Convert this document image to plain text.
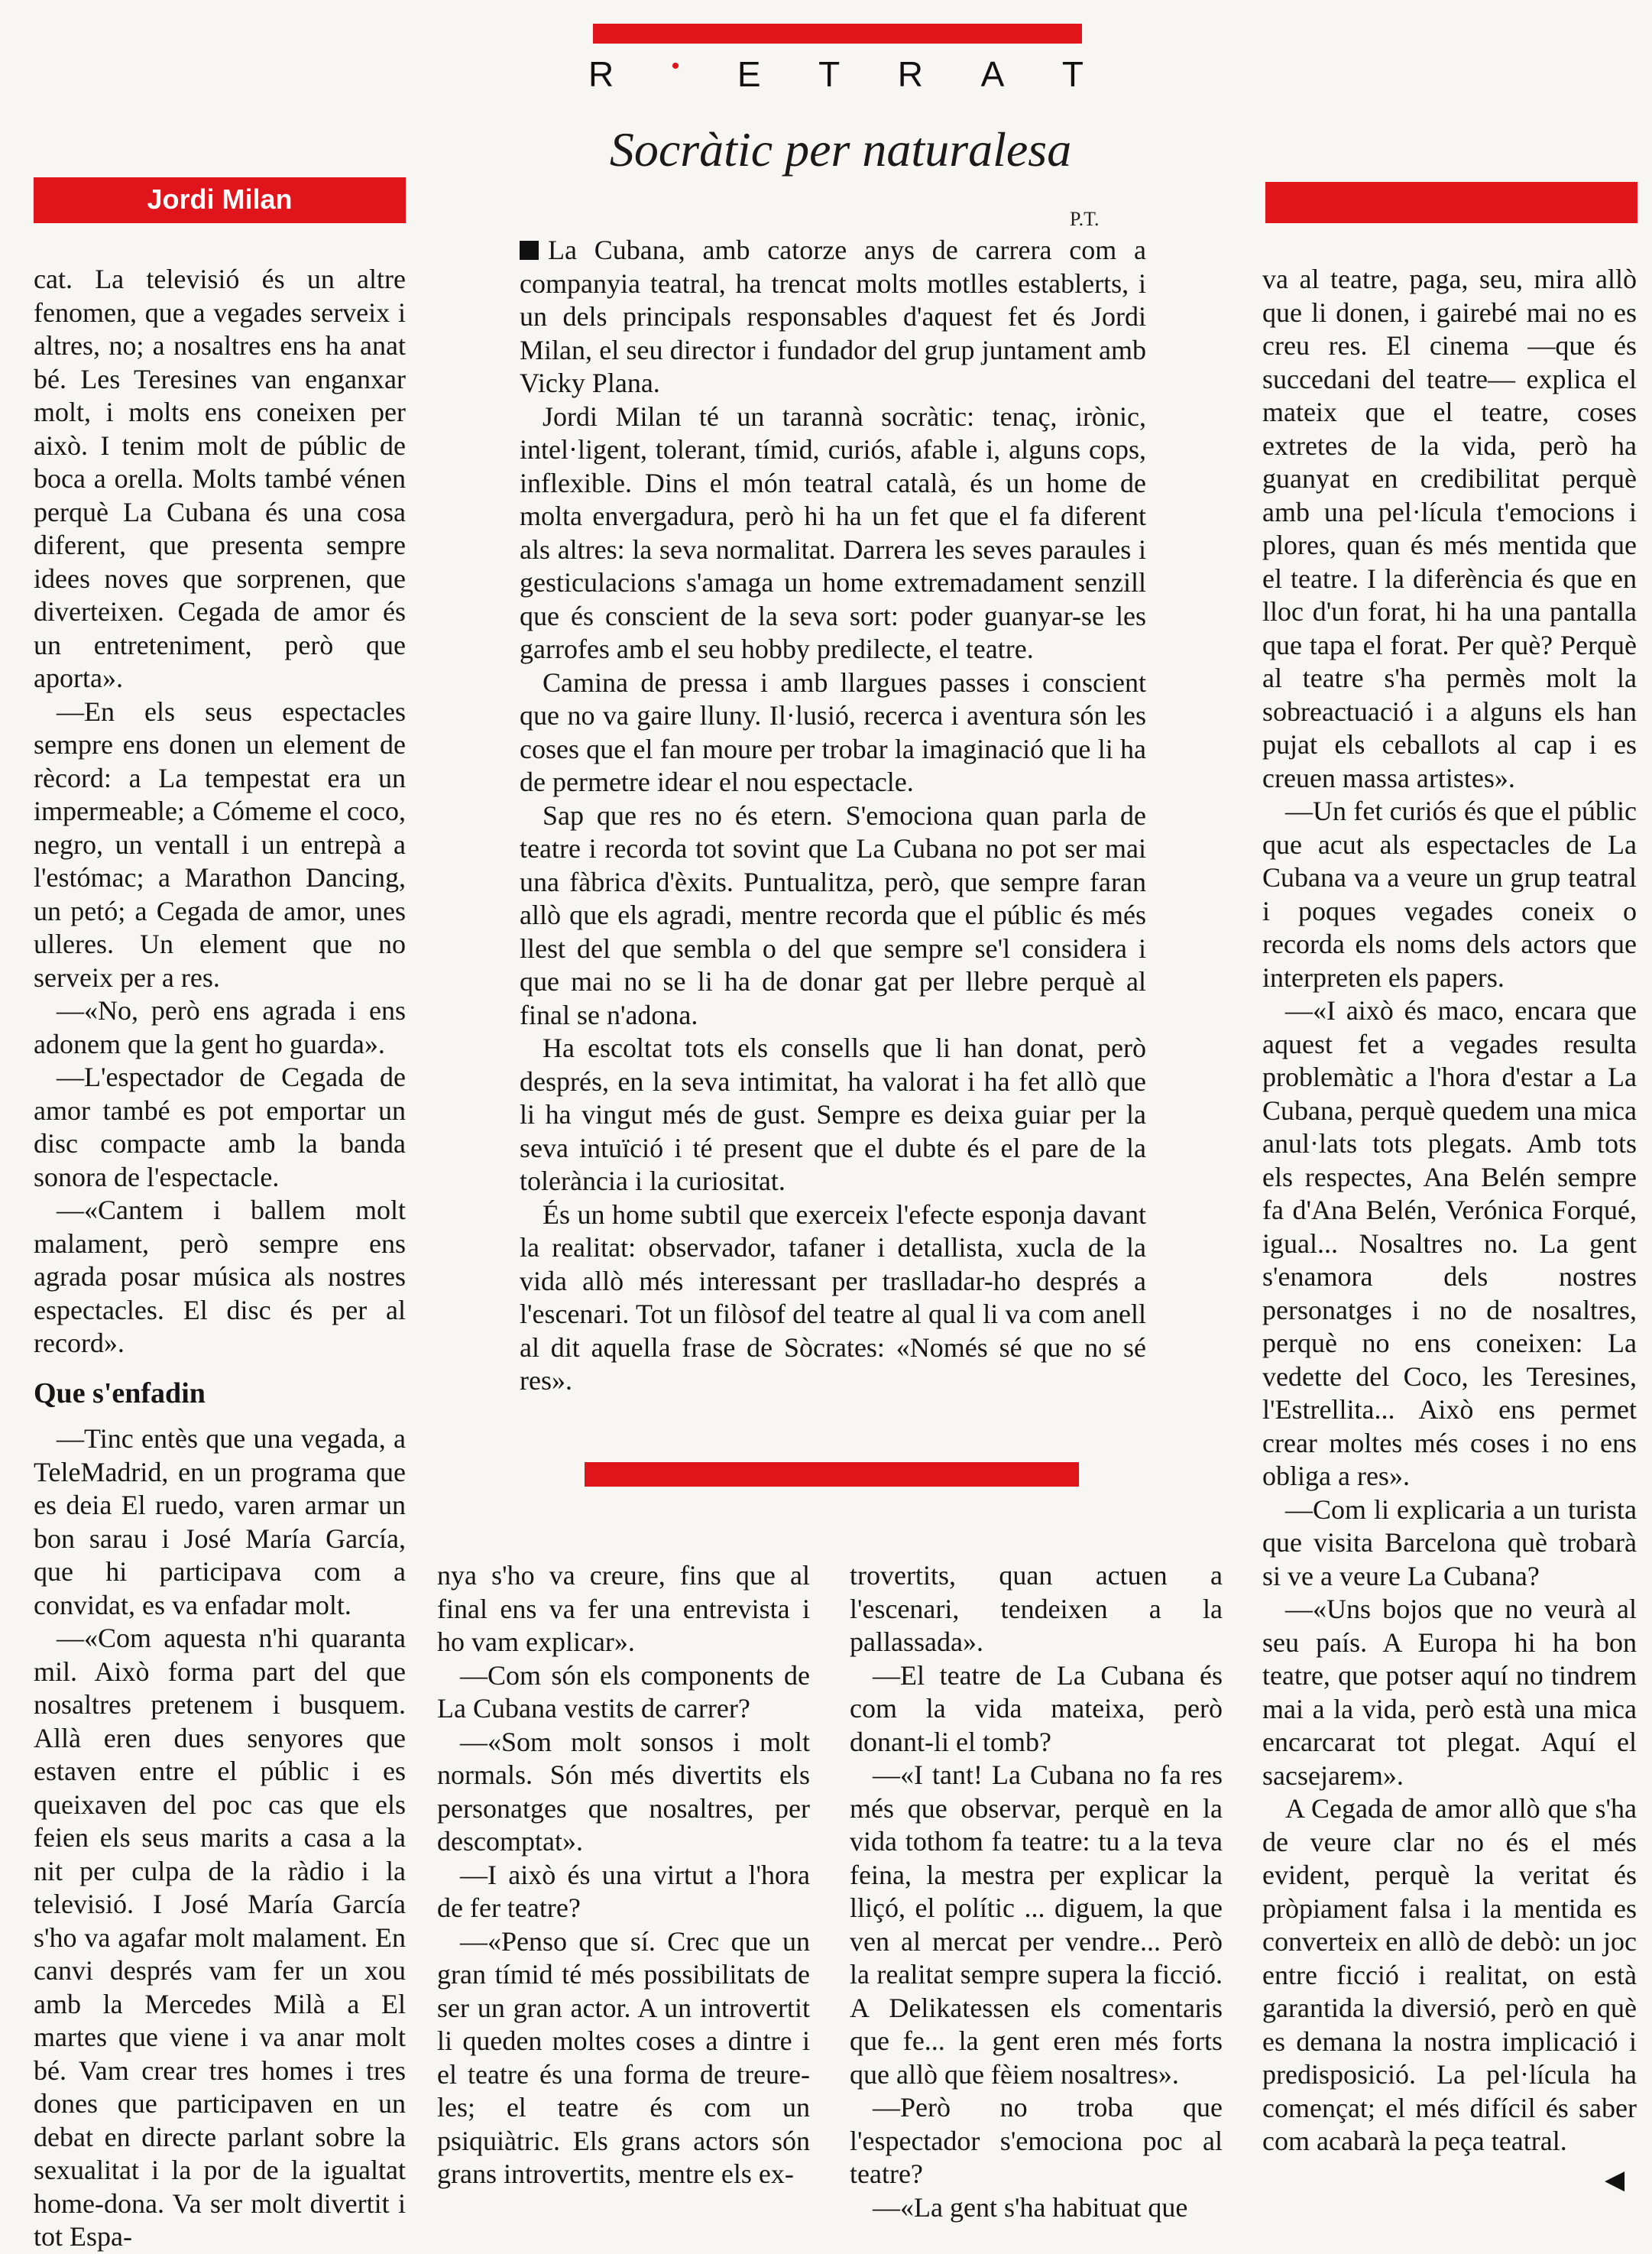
R • E T R A T
Socràtic per naturalesa
Jordi Milan
P.T.

cat. La televisió és un altre fenomen, que a vegades serveix i altres, no; a nosaltres ens ha anat bé. Les Teresines van enganxar molt, i molts ens coneixen per això. I tenim molt de públic de boca a orella. Molts també vénen perquè La Cubana és una cosa diferent, que presenta sempre idees noves que sorprenen, que diverteixen. Cegada de amor és un entreteniment, però que aporta».

—En els seus espectacles sempre ens donen un element de rècord: a La tempestat era un impermeable; a Cómeme el coco, negro, un ventall i un entrepà a l'estómac; a Marathon Dancing, un petó; a Cegada de amor, unes ulleres. Un element que no serveix per a res.

—«No, però ens agrada i ens adonem que la gent ho guarda».

—L'espectador de Cegada de amor també es pot emportar un disc compacte amb la banda sonora de l'espectacle.

—«Cantem i ballem molt malament, però sempre ens agrada posar música als nostres espectacles. El disc és per al record».

Que s'enfadin

—Tinc entès que una vegada, a TeleMadrid, en un programa que es deia El ruedo, varen armar un bon sarau i José María García, que hi participava com a convidat, es va enfadar molt.

—«Com aquesta n'hi quaranta mil. Això forma part del que nosaltres pretenem i busquem. Allà eren dues senyores que estaven entre el públic i es queixaven del poc cas que els feien els seus marits a casa a la nit per culpa de la ràdio i la televisió. I José María García s'ho va agafar molt malament. En canvi després vam fer un xou amb la Mercedes Milà a El martes que viene i va anar molt bé. Vam crear tres homes i tres dones que participaven en un debat en directe parlant sobre la sexualitat i la por de la igualtat home-dona. Va ser molt divertit i tot Espa-

La Cubana, amb catorze anys de carrera com a companyia teatral, ha trencat molts motlles establerts, i un dels principals responsables d'aquest fet és Jordi Milan, el seu director i fundador del grup juntament amb Vicky Plana.

Jordi Milan té un tarannà socràtic: tenaç, irònic, intel·ligent, tolerant, tímid, curiós, afable i, alguns cops, inflexible. Dins el món teatral català, és un home de molta envergadura, però hi ha un fet que el fa diferent als altres: la seva normalitat. Darrera les seves paraules i gesticulacions s'amaga un home extremadament senzill que és conscient de la seva sort: poder guanyar-se les garrofes amb el seu hobby predilecte, el teatre.

Camina de pressa i amb llargues passes i conscient que no va gaire lluny. Il·lusió, recerca i aventura són les coses que el fan moure per trobar la imaginació que li ha de permetre idear el nou espectacle.

Sap que res no és etern. S'emociona quan parla de teatre i recorda tot sovint que La Cubana no pot ser mai una fàbrica d'èxits. Puntualitza, però, que sempre faran allò que els agradi, mentre recorda que el públic és més llest del que sembla o del que sempre se'l considera i que mai no se li ha de donar gat per llebre perquè al final se n'adona.

Ha escoltat tots els consells que li han donat, però després, en la seva intimitat, ha valorat i ha fet allò que li ha vingut més de gust. Sempre es deixa guiar per la seva intuïció i té present que el dubte és el pare de la tolerància i la curiositat.

És un home subtil que exerceix l'efecte esponja davant la realitat: observador, tafaner i detallista, xucla de la vida allò més interessant per traslladar-ho després a l'escenari. Tot un filòsof del teatre al qual li va com anell al dit aquella frase de Sòcrates: «Només sé que no sé res».

nya s'ho va creure, fins que al final ens va fer una entrevista i ho vam explicar».

—Com són els components de La Cubana vestits de carrer?

—«Som molt sonsos i molt normals. Són més divertits els personatges que nosaltres, per descomptat».

—I això és una virtut a l'hora de fer teatre?

—«Penso que sí. Crec que un gran tímid té més possibilitats de ser un gran actor. A un introvertit li queden moltes coses a dintre i el teatre és una forma de treure-les; el teatre és com un psiquiàtric. Els grans actors són grans introvertits, mentre els ex-

trovertits, quan actuen a l'escenari, tendeixen a la pallassada».

—El teatre de La Cubana és com la vida mateixa, però donant-li el tomb?

—«I tant! La Cubana no fa res més que observar, perquè en la vida tothom fa teatre: tu a la teva feina, la mestra per explicar la lliçó, el polític ... diguem, la que ven al mercat per vendre... Però la realitat sempre supera la ficció. A Delikatessen els comentaris que fe... la gent eren més forts que allò que fèiem nosaltres».

—Però no troba que l'espectador s'emociona poc al teatre?

—«La gent s'ha habituat que

va al teatre, paga, seu, mira allò que li donen, i gairebé mai no es creu res. El cinema —que és succedani del teatre— explica el mateix que el teatre, coses extretes de la vida, però ha guanyat en credibilitat perquè amb una pel·lícula t'emocions i plores, quan és més mentida que el teatre. I la diferència és que en lloc d'un forat, hi ha una pantalla que tapa el forat. Per què? Perquè al teatre s'ha permès molt la sobreactuació i a alguns els han pujat els ceballots al cap i es creuen massa artistes».

—Un fet curiós és que el públic que acut als espectacles de La Cubana va a veure un grup teatral i poques vegades coneix o recorda els noms dels actors que interpreten els papers.

—«I això és maco, encara que aquest fet a vegades resulta problemàtic a l'hora d'estar a La Cubana, perquè quedem una mica anul·lats tots plegats. Amb tots els respectes, Ana Belén sempre fa d'Ana Belén, Verónica Forqué, igual... Nosaltres no. La gent s'enamora dels nostres personatges i no de nosaltres, perquè no ens coneixen: La vedette del Coco, les Teresines, l'Estrellita... Això ens permet crear moltes més coses i no ens obliga a res».

—Com li explicaria a un turista que visita Barcelona què trobarà si ve a veure La Cubana?

—«Uns bojos que no veurà al seu país. A Europa hi ha bon teatre, que potser aquí no tindrem mai a la vida, però està una mica encarcarat tot plegat. Aquí el sacsejarem».

A Cegada de amor allò que s'ha de veure clar no és el més evident, perquè la veritat és pròpiament falsa i la mentida es converteix en allò de debò: un joc entre ficció i realitat, on està garantida la diversió, però en què es demana la nostra implicació i predisposició. La pel·lícula ha començat; el més difícil és saber com acabarà la peça teatral.

◀
